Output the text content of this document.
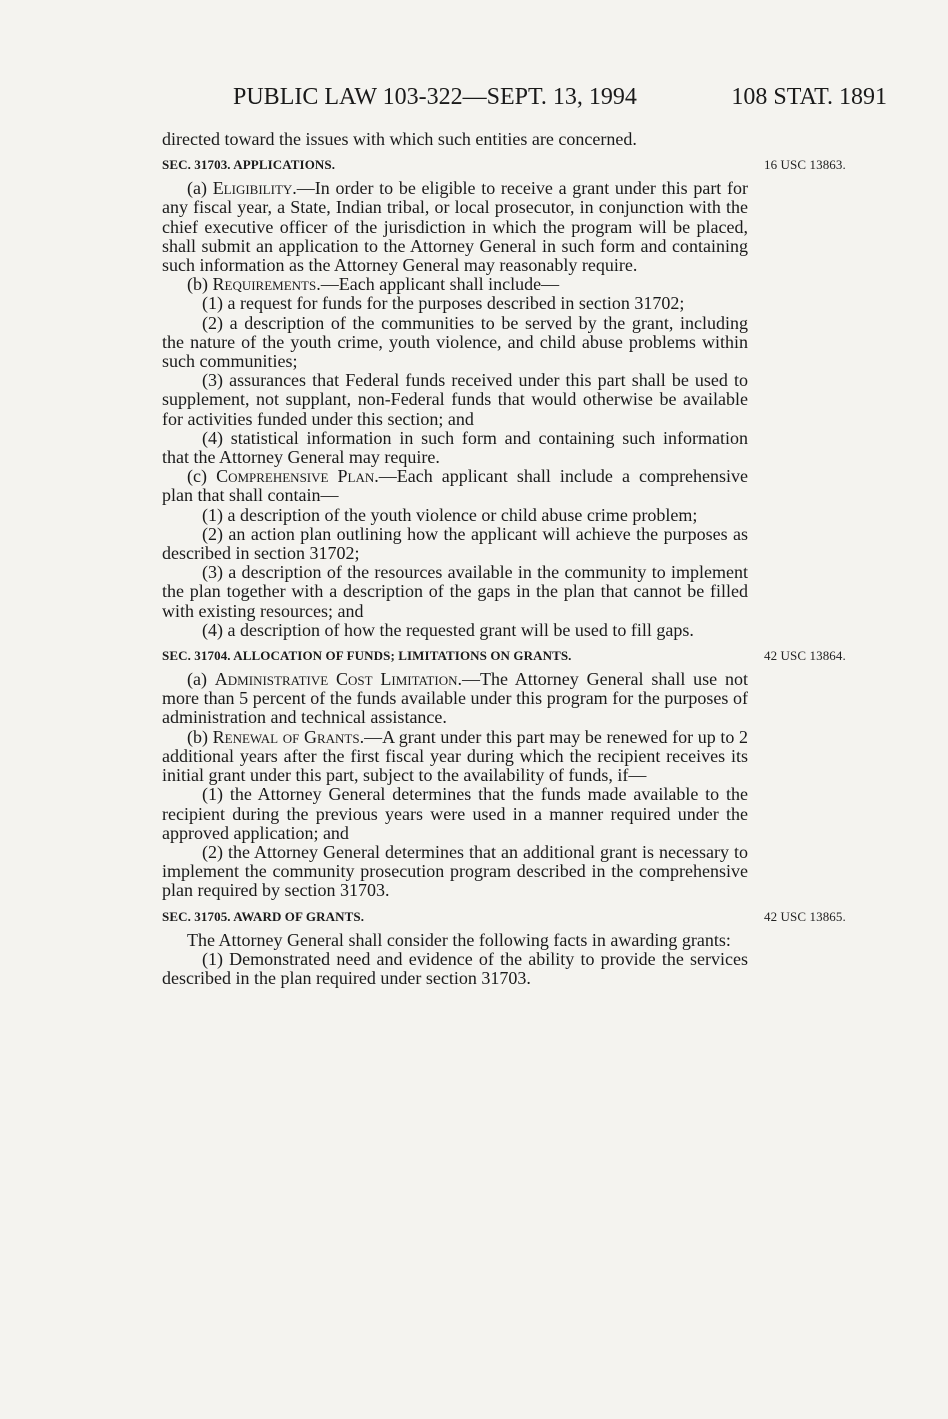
PUBLIC LAW 103-322—SEPT. 13, 1994	108 STAT. 1891

directed toward the issues with which such entities are concerned.

SEC. 31703. APPLICATIONS.	16 USC 13863.

(a) Eligibility.—In order to be eligible to receive a grant under this part for any fiscal year, a State, Indian tribal, or local prosecutor, in conjunction with the chief executive officer of the jurisdiction in which the program will be placed, shall submit an application to the Attorney General in such form and containing such information as the Attorney General may reasonably require.

(b) Requirements.—Each applicant shall include—

(1) a request for funds for the purposes described in section 31702;

(2) a description of the communities to be served by the grant, including the nature of the youth crime, youth violence, and child abuse problems within such communities;

(3) assurances that Federal funds received under this part shall be used to supplement, not supplant, non-Federal funds that would otherwise be available for activities funded under this section; and

(4) statistical information in such form and containing such information that the Attorney General may require.

(c) Comprehensive Plan.—Each applicant shall include a comprehensive plan that shall contain—

(1) a description of the youth violence or child abuse crime problem;

(2) an action plan outlining how the applicant will achieve the purposes as described in section 31702;

(3) a description of the resources available in the community to implement the plan together with a description of the gaps in the plan that cannot be filled with existing resources; and

(4) a description of how the requested grant will be used to fill gaps.

SEC. 31704. ALLOCATION OF FUNDS; LIMITATIONS ON GRANTS.	42 USC 13864.

(a) Administrative Cost Limitation.—The Attorney General shall use not more than 5 percent of the funds available under this program for the purposes of administration and technical assistance.

(b) Renewal of Grants.—A grant under this part may be renewed for up to 2 additional years after the first fiscal year during which the recipient receives its initial grant under this part, subject to the availability of funds, if—

(1) the Attorney General determines that the funds made available to the recipient during the previous years were used in a manner required under the approved application; and

(2) the Attorney General determines that an additional grant is necessary to implement the community prosecution program described in the comprehensive plan required by section 31703.

SEC. 31705. AWARD OF GRANTS.	42 USC 13865.

The Attorney General shall consider the following facts in awarding grants:

(1) Demonstrated need and evidence of the ability to provide the services described in the plan required under section 31703.
